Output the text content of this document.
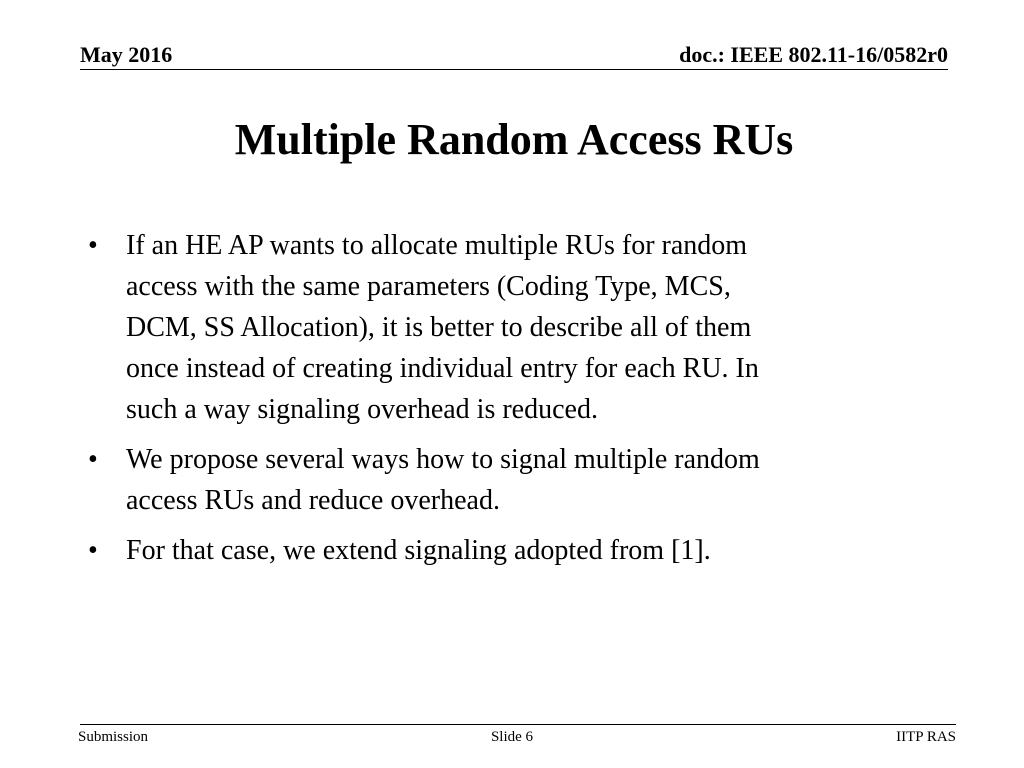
May 2016	doc.: IEEE 802.11-16/0582r0
Multiple Random Access RUs
• If an HE AP wants to allocate multiple RUs for random
access with the same parameters (Coding Type, MCS,
DCM, SS Allocation), it is better to describe all of them
once instead of creating individual entry for each RU. In
such a way signaling overhead is reduced.
• We propose several ways how to signal multiple random
access RUs and reduce overhead.
• For that case, we extend signaling adopted from [1].
Submission	Slide 6	IITP RAS
